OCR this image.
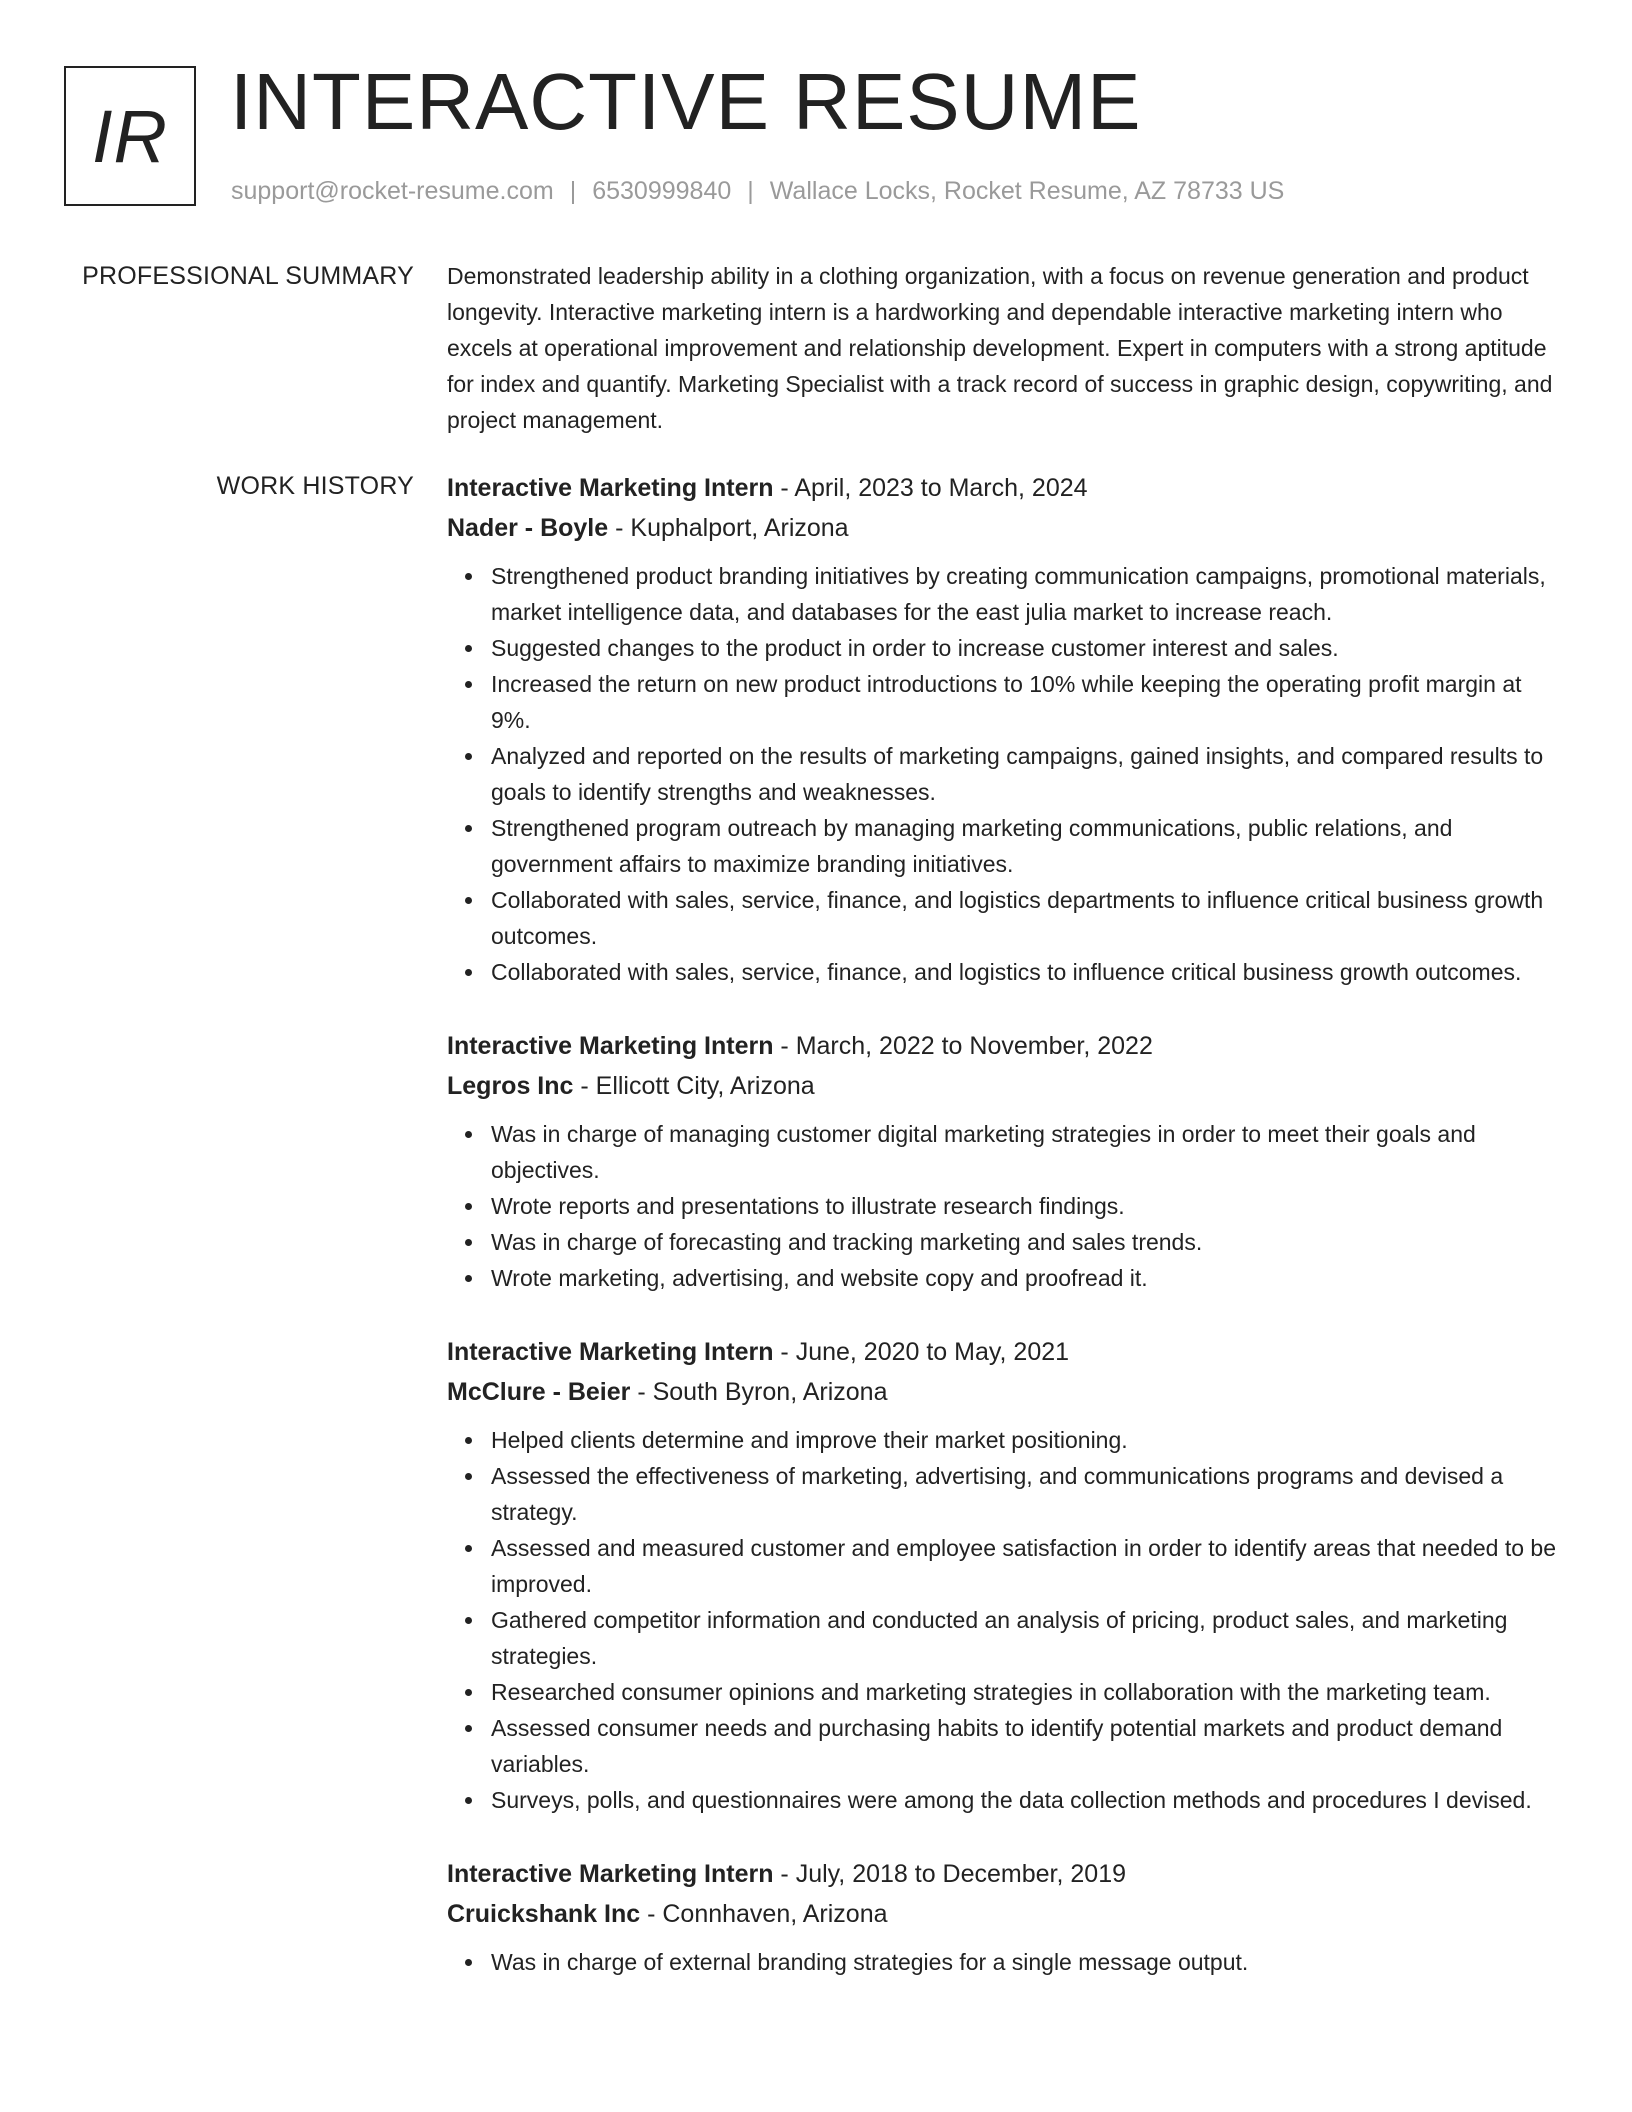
IR INTERACTIVE RESUME
support@rocket-resume.com | 6530999840 | Wallace Locks, Rocket Resume, AZ 78733 US
PROFESSIONAL SUMMARY Demonstrated leadership ability in a clothing organization, with a focus on revenue generation and product longevity. Interactive marketing intern is a hardworking and dependable interactive marketing intern who excels at operational improvement and relationship development. Expert in computers with a strong aptitude for index and quantify. Marketing Specialist with a track record of success in graphic design, copywriting, and project management.

WORK HISTORY Interactive Marketing Intern - April, 2023 to March, 2024
Nader - Boyle - Kuphalport, Arizona
Strengthened product branding initiatives by creating communication campaigns, promotional materials, market intelligence data, and databases for the east julia market to increase reach.
Suggested changes to the product in order to increase customer interest and sales.
Increased the return on new product introductions to 10% while keeping the operating profit margin at 9%.
Analyzed and reported on the results of marketing campaigns, gained insights, and compared results to goals to identify strengths and weaknesses.
Strengthened program outreach by managing marketing communications, public relations, and government affairs to maximize branding initiatives.
Collaborated with sales, service, finance, and logistics departments to influence critical business growth outcomes.
Collaborated with sales, service, finance, and logistics to influence critical business growth outcomes.
Interactive Marketing Intern - March, 2022 to November, 2022
Legros Inc - Ellicott City, Arizona
Was in charge of managing customer digital marketing strategies in order to meet their goals and objectives.
Wrote reports and presentations to illustrate research findings.
Was in charge of forecasting and tracking marketing and sales trends.
Wrote marketing, advertising, and website copy and proofread it.
Interactive Marketing Intern - June, 2020 to May, 2021
McClure - Beier - South Byron, Arizona
Helped clients determine and improve their market positioning.
Assessed the effectiveness of marketing, advertising, and communications programs and devised a strategy.
Assessed and measured customer and employee satisfaction in order to identify areas that needed to be improved.
Gathered competitor information and conducted an analysis of pricing, product sales, and marketing strategies.
Researched consumer opinions and marketing strategies in collaboration with the marketing team.
Assessed consumer needs and purchasing habits to identify potential markets and product demand variables.
Surveys, polls, and questionnaires were among the data collection methods and procedures I devised.
Interactive Marketing Intern - July, 2018 to December, 2019
Cruickshank Inc - Connhaven, Arizona
Was in charge of external branding strategies for a single message output.
